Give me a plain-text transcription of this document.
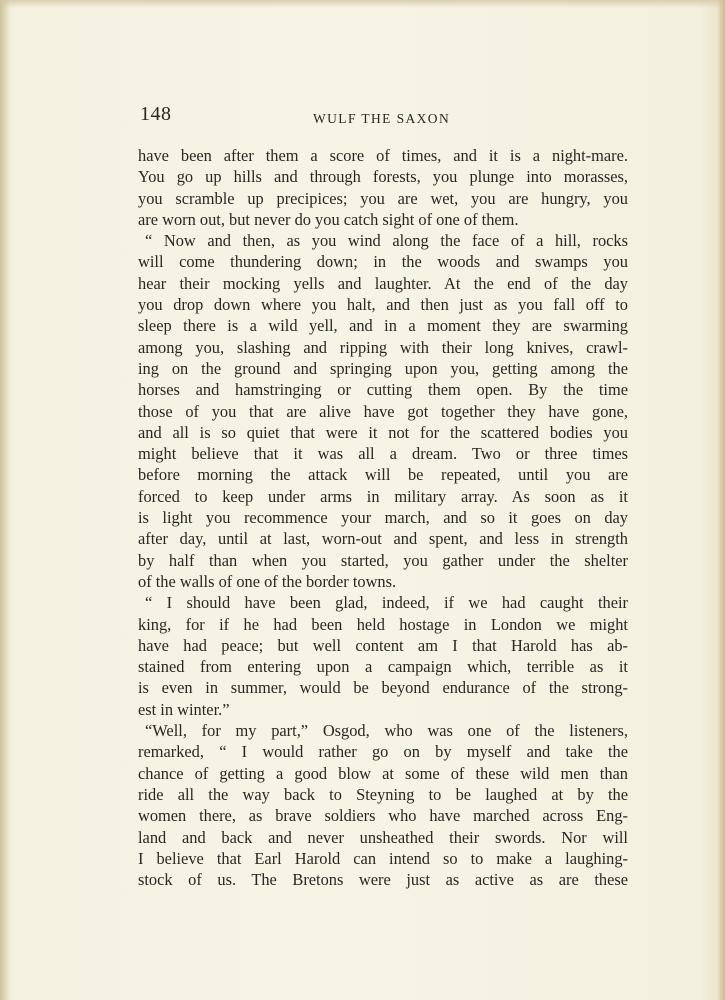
148	WULF THE SAXON
have been after them a score of times, and it is a night-mare.
You go up hills and through forests, you plunge into morasses,
you scramble up precipices; you are wet, you are hungry, you
are worn out, but never do you catch sight of one of them.
“ Now and then, as you wind along the face of a hill, rocks
will come thundering down; in the woods and swamps you
hear their mocking yells and laughter. At the end of the day
you drop down where you halt, and then just as you fall off to
sleep there is a wild yell, and in a moment they are swarming
among you, slashing and ripping with their long knives, crawl-
ing on the ground and springing upon you, getting among the
horses and hamstringing or cutting them open. By the time
those of you that are alive have got together they have gone,
and all is so quiet that were it not for the scattered bodies you
might believe that it was all a dream. Two or three times
before morning the attack will be repeated, until you are
forced to keep under arms in military array. As soon as it
is light you recommence your march, and so it goes on day
after day, until at last, worn-out and spent, and less in strength
by half than when you started, you gather under the shelter
of the walls of one of the border towns.
“ I should have been glad, indeed, if we had caught their
king, for if he had been held hostage in London we might
have had peace; but well content am I that Harold has ab-
stained from entering upon a campaign which, terrible as it
is even in summer, would be beyond endurance of the strong-
est in winter.”
“Well, for my part,” Osgod, who was one of the listeners,
remarked, “ I would rather go on by myself and take the
chance of getting a good blow at some of these wild men than
ride all the way back to Steyning to be laughed at by the
women there, as brave soldiers who have marched across Eng-
land and back and never unsheathed their swords. Nor will
I believe that Earl Harold can intend so to make a laughing-
stock of us. The Bretons were just as active as are these
